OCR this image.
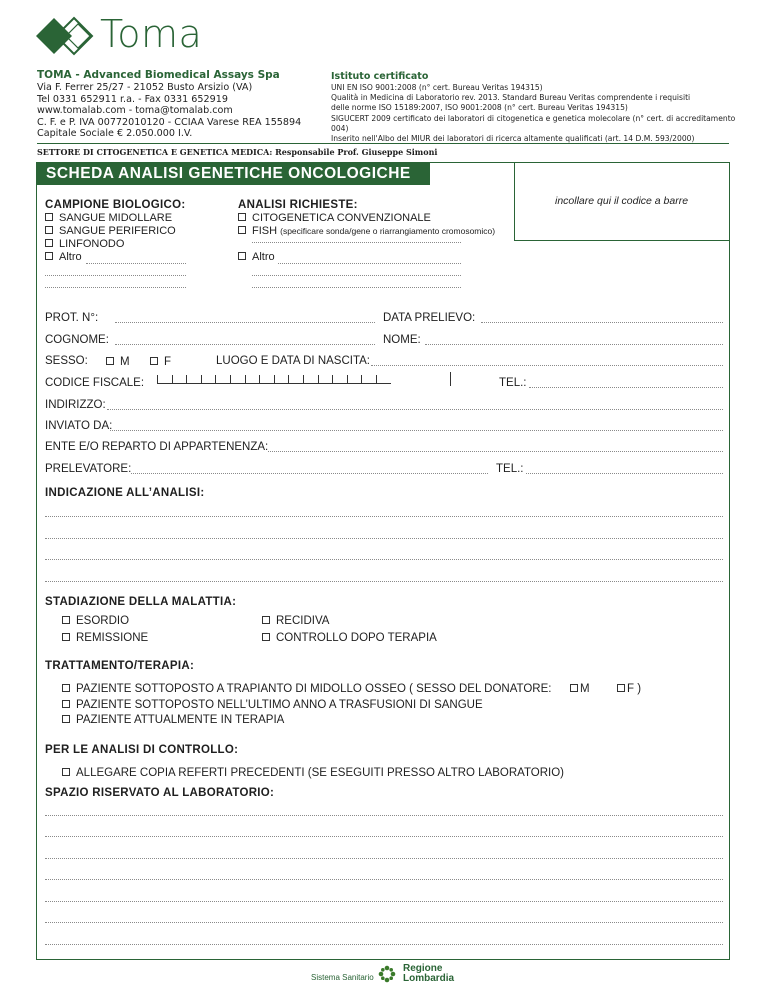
Toma
TOMA - Advanced Biomedical Assays Spa
Via F. Ferrer 25/27 - 21052 Busto Arsizio (VA)
Tel 0331 652911 r.a. - Fax 0331 652919
www.tomalab.com - toma@tomalab.com
C. F. e P. IVA 00772010120 - CCIAA Varese REA 155894
Capitale Sociale € 2.050.000 I.V.
Istituto certificato
UNI EN ISO 9001:2008 (n° cert. Bureau Veritas 194315)
Qualità in Medicina di Laboratorio rev. 2013. Standard Bureau Veritas comprendente i requisiti
delle norme ISO 15189:2007, ISO 9001:2008 (n° cert. Bureau Veritas 194315)
SIGUCERT 2009 certificato dei laboratori di citogenetica e genetica molecolare (n° cert. di accreditamento 004)
Inserito nell'Albo del MIUR dei laboratori di ricerca altamente qualificati (art. 14 D.M. 593/2000)
SETTORE DI CITOGENETICA E GENETICA MEDICA: Responsabile Prof. Giuseppe Simoni
SCHEDA ANALISI GENETICHE ONCOLOGICHE
incollare qui il codice a barre
CAMPIONE BIOLOGICO:	ANALISI RICHIESTE:
SANGUE MIDOLLARE
SANGUE PERIFERICO
LINFONODO
Altro
CITOGENETICA CONVENZIONALE
FISH (specificare sonda/gene o riarrangiamento cromosomico)
Altro
PROT. N°:	DATA PRELIEVO:
COGNOME:	NOME:
SESSO:	M	F	LUOGO E DATA DI NASCITA:
CODICE FISCALE:	TEL.:
INDIRIZZO:
INVIATO DA:
ENTE E/O REPARTO DI APPARTENENZA:
PRELEVATORE:	TEL.:
INDICAZIONE ALL’ANALISI:
STADIAZIONE DELLA MALATTIA:
ESORDIO	RECIDIVA
REMISSIONE	CONTROLLO DOPO TERAPIA
TRATTAMENTO/TERAPIA:
PAZIENTE SOTTOPOSTO A TRAPIANTO DI MIDOLLO OSSEO ( SESSO DEL DONATORE:	M	F )
PAZIENTE SOTTOPOSTO NELL’ULTIMO ANNO A TRASFUSIONI DI SANGUE
PAZIENTE ATTUALMENTE IN TERAPIA
PER LE ANALISI DI CONTROLLO:
ALLEGARE COPIA REFERTI PRECEDENTI (SE ESEGUITI PRESSO ALTRO LABORATORIO)
SPAZIO RISERVATO AL LABORATORIO:
Sistema Sanitario
Regione
Lombardia
